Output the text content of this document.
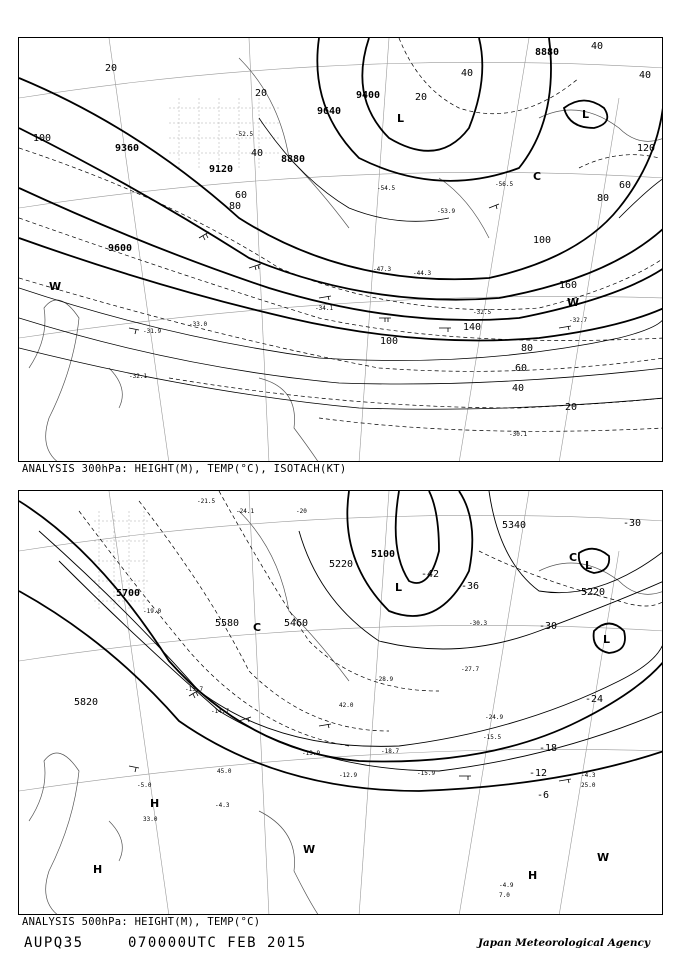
8880
9400
9640
8880
9120
9360
9600
40
40
20
20
40
60
80
100
20
40
60
80
100
120
140
160
100
80
60
40
20
-52.5
-54.5
-53.9
-44.3
-32.5
-32.7
-31.9
-32.1
-30.1
-34.1
-33.0
-47.3
-56.5
L	L
C
W
W
ANALYSIS 300hPa: HEIGHT(M), TEMP(°C), ISOTACH(KT)
5100
5220
5340
5700
5580	5460
5820
5220
-42
-36
-30
-24
-18
-12
-6
-30
-21.5
-24.1	-20
-19.0
-15.7
-14.7
-13.9
-12.9
-18.7
-15.5
-15.9
-27.7
-28.9
-30.3
-24.9
-4.3
-4.9
-5.0
-4.3
45.0
42.0
25.0
33.0
7.0
L
L
L
C
C
H
H	H
W
W
ANALYSIS 500hPa: HEIGHT(M), TEMP(°C)
AUPQ35	070000UTC FEB 2015	Japan Meteorological Agency
